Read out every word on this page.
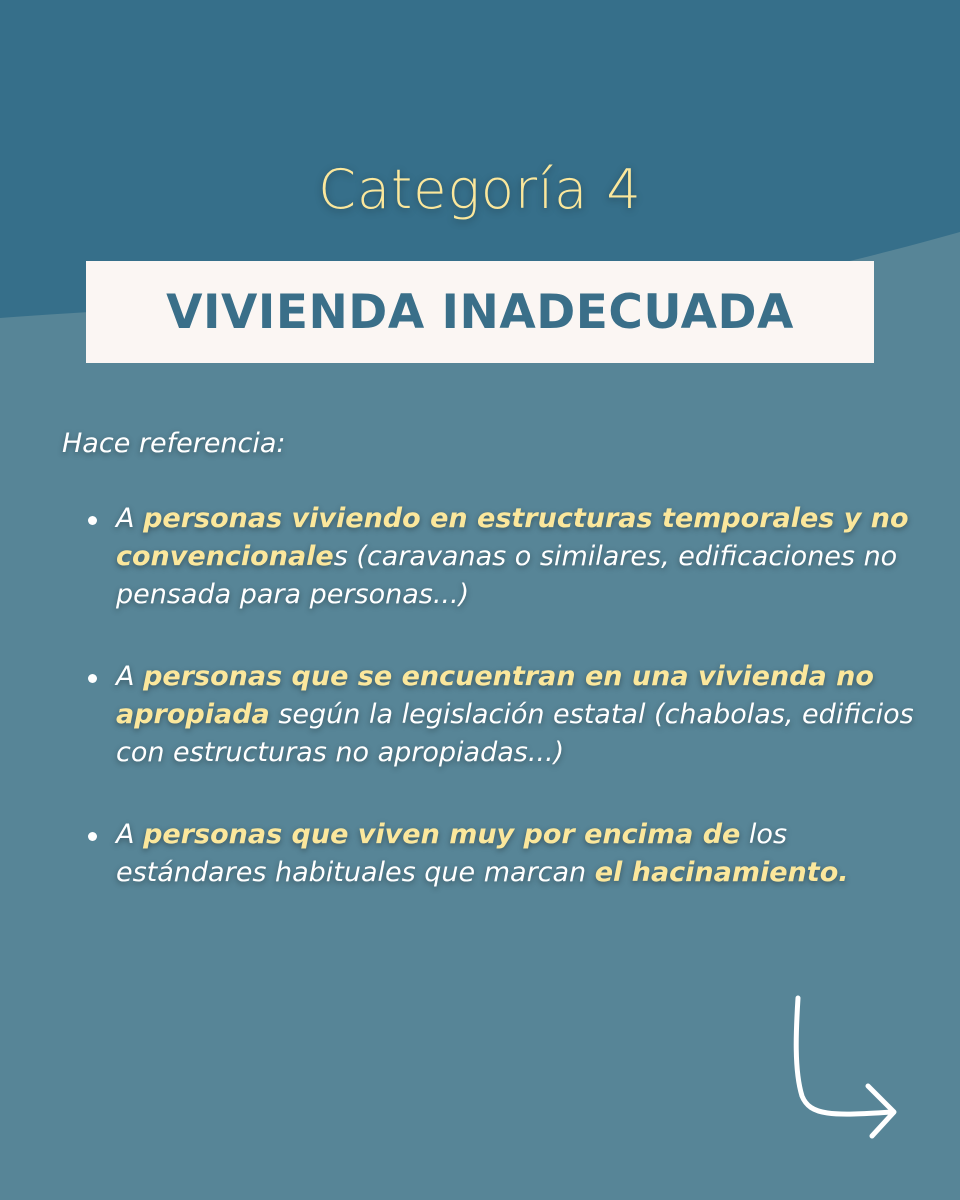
Categoría 4
VIVIENDA INADECUADA
Hace referencia:
A personas viviendo en estructuras temporales y no convencionales (caravanas o similares, edificaciones no pensada para personas...)
A personas que se encuentran en una vivienda no apropiada según la legislación estatal (chabolas, edificios con estructuras no apropiadas...)
A personas que viven muy por encima de los estándares habituales que marcan el hacinamiento.
